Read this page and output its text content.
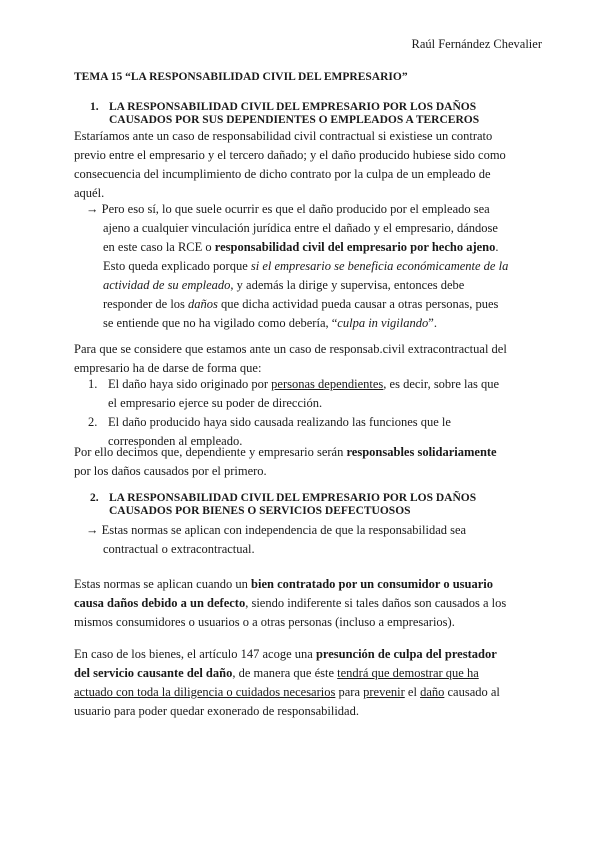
Raúl Fernández Chevalier
TEMA 15 “LA RESPONSABILIDAD CIVIL DEL EMPRESARIO”
1. LA RESPONSABILIDAD CIVIL DEL EMPRESARIO POR LOS DAÑOS
CAUSADOS POR SUS DEPENDIENTES O EMPLEADOS A TERCEROS
Estaríamos ante un caso de responsabilidad civil contractual si existiese un contrato
previo entre el empresario y el tercero dañado; y el daño producido hubiese sido como
consecuencia del incumplimiento de dicho contrato por la culpa de un empleado de
aquél.
→ Pero eso sí, lo que suele ocurrir es que el daño producido por el empleado sea
ajeno a cualquier vinculación jurídica entre el dañado y el empresario, dándose
en este caso la RCE o responsabilidad civil del empresario por hecho ajeno.
Esto queda explicado porque si el empresario se beneficia económicamente de la
actividad de su empleado, y además la dirige y supervisa, entonces debe
responder de los daños que dicha actividad pueda causar a otras personas, pues
se entiende que no ha vigilado como debería, “culpa in vigilando”.
Para que se considere que estamos ante un caso de responsab.civil extracontractual del
empresario ha de darse de forma que:
1. El daño haya sido originado por personas dependientes, es decir, sobre las que
el empresario ejerce su poder de dirección.
2. El daño producido haya sido causada realizando las funciones que le
corresponden al empleado.
Por ello decimos que, dependiente y empresario serán responsables solidariamente
por los daños causados por el primero.
2. LA RESPONSABILIDAD CIVIL DEL EMPRESARIO POR LOS DAÑOS
CAUSADOS POR BIENES O SERVICIOS DEFECTUOSOS
→ Estas normas se aplican con independencia de que la responsabilidad sea
contractual o extracontractual.
Estas normas se aplican cuando un bien contratado por un consumidor o usuario
causa daños debido a un defecto, siendo indiferente si tales daños son causados a los
mismos consumidores o usuarios o a otras personas (incluso a empresarios).
En caso de los bienes, el artículo 147 acoge una presunción de culpa del prestador
del servicio causante del daño, de manera que éste tendrá que demostrar que ha
actuado con toda la diligencia o cuidados necesarios para prevenir el daño causado al
usuario para poder quedar exonerado de responsabilidad.
